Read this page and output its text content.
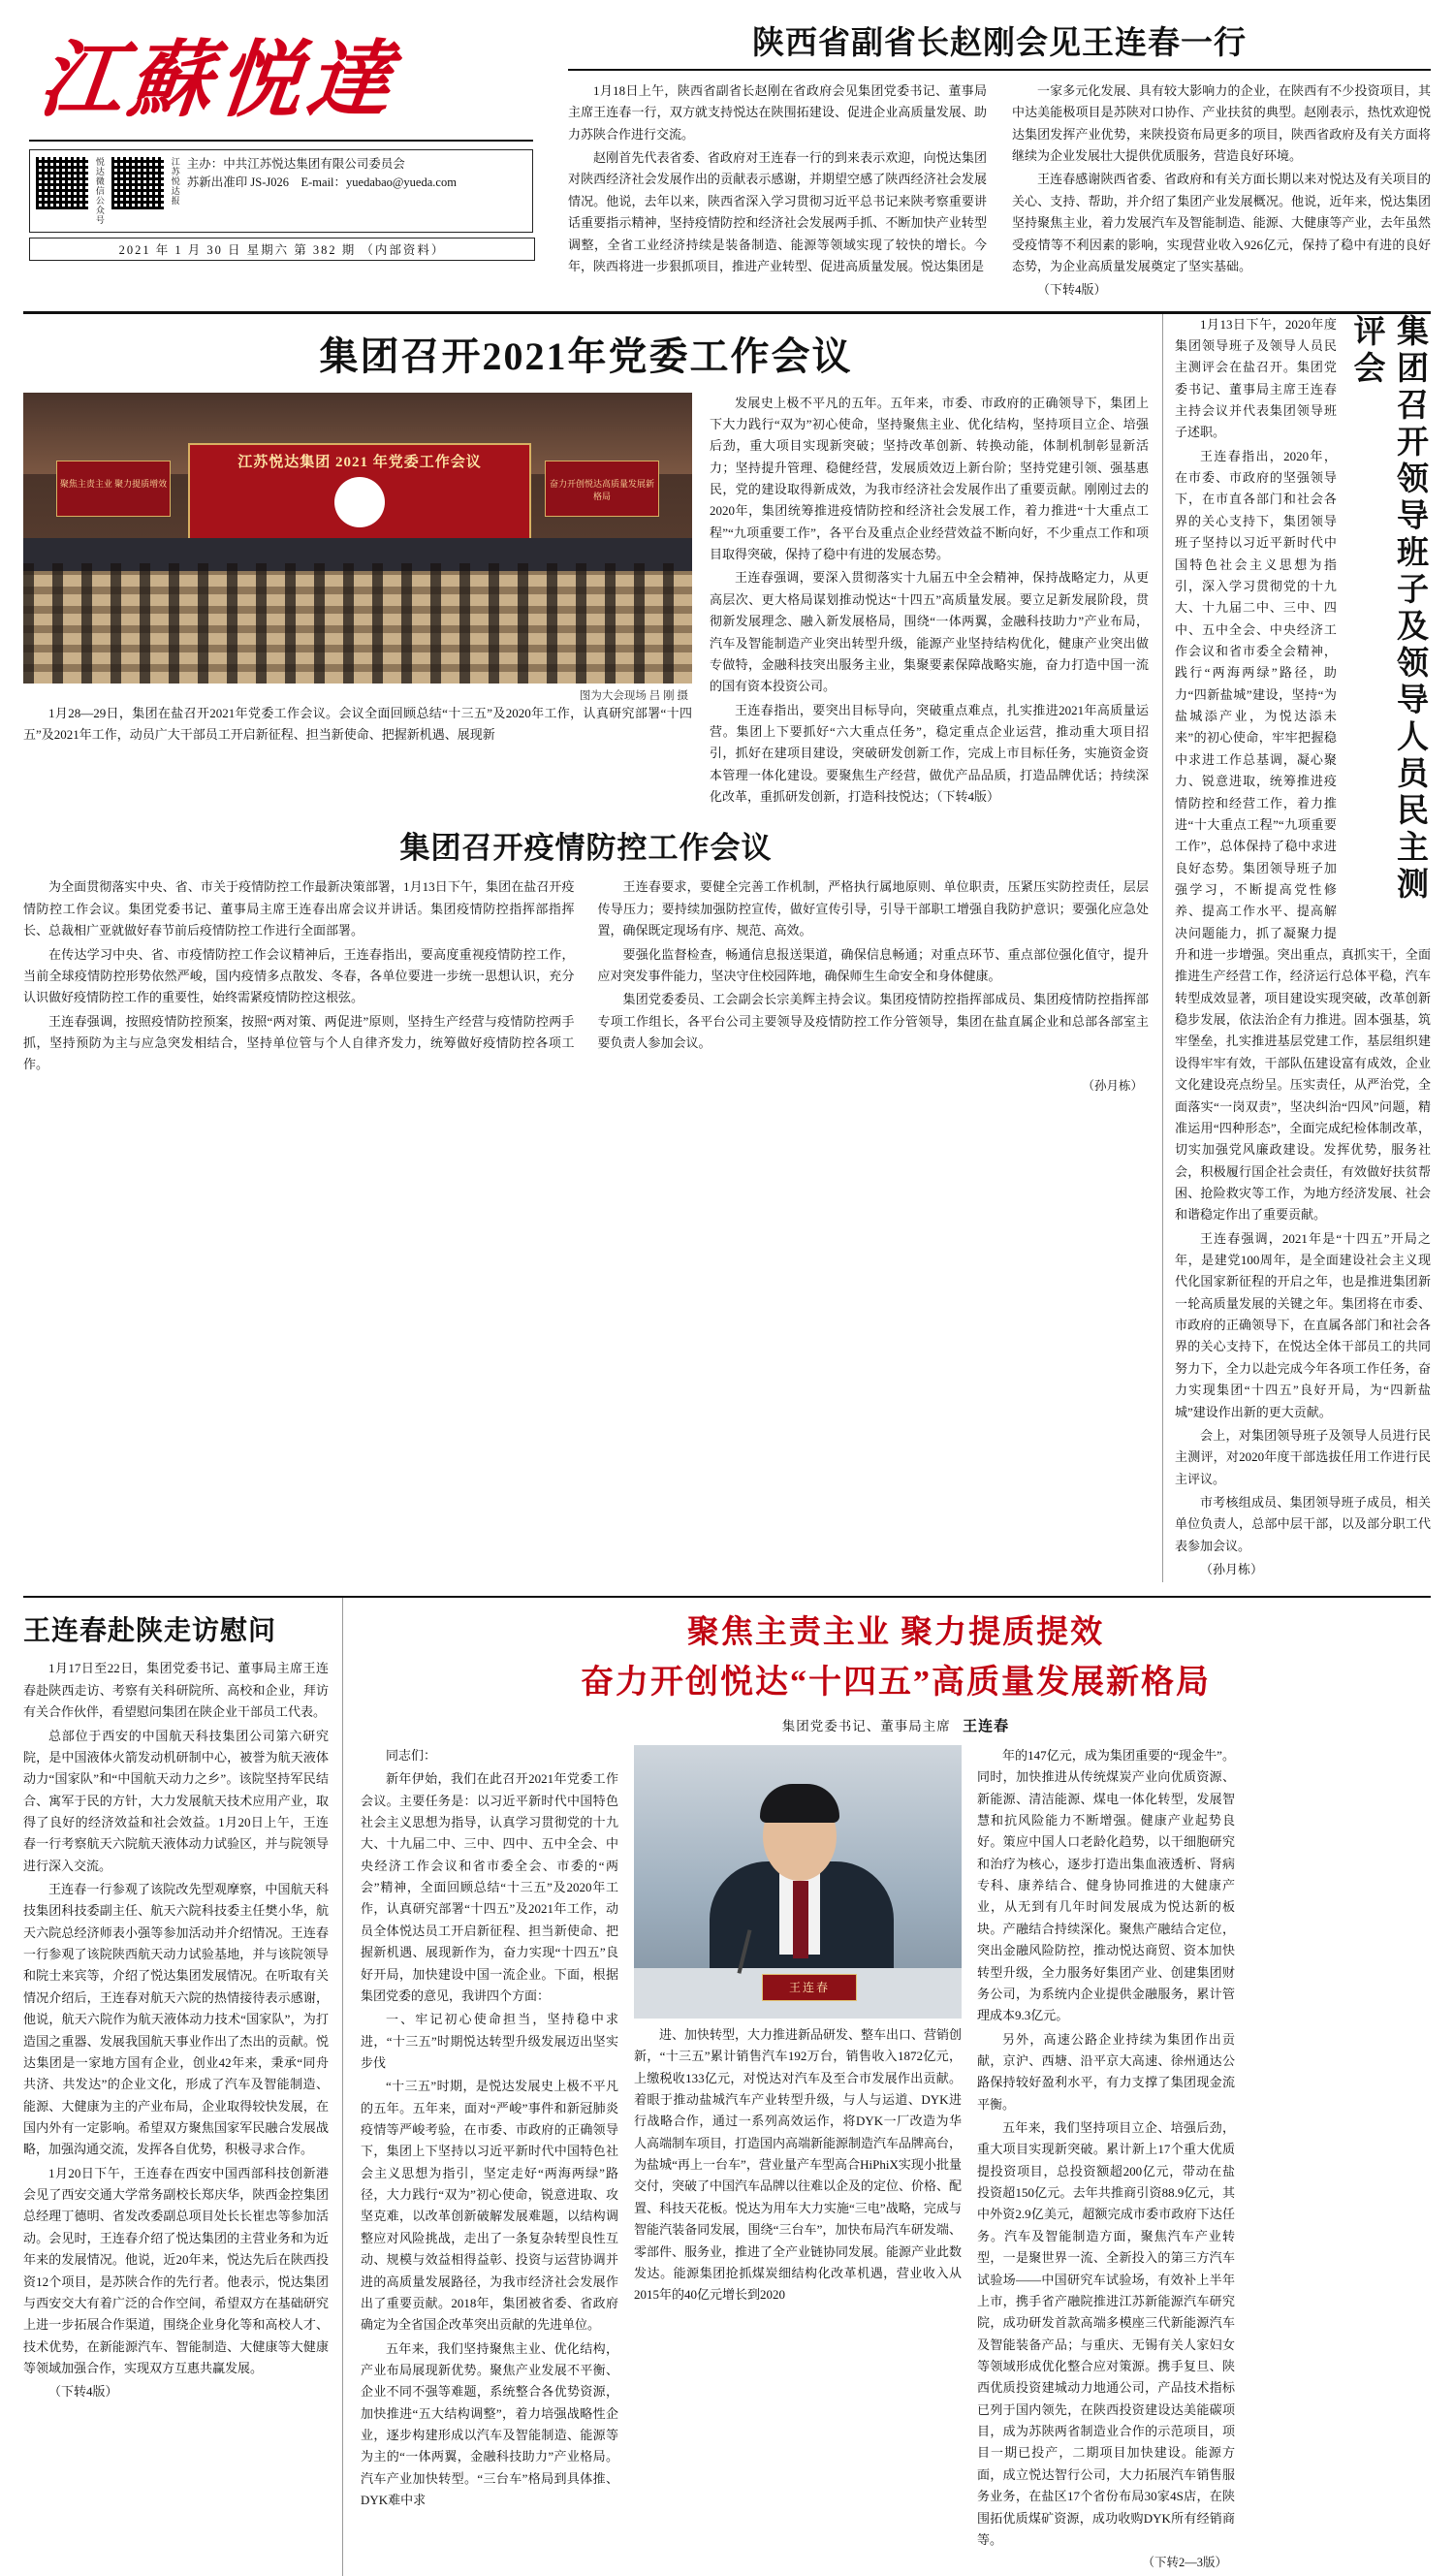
江蘇悦達
悦达微信公众号	江苏悦达报 主办：中共江苏悦达集团有限公司委员会
苏新出准印 JS-J026 E-mail：yuedabao@yueda.com
2021 年 1 月 30 日 星期六 第 382 期 （内部资料）
陕西省副省长赵刚会见王连春一行

1月18日上午，陕西省副省长赵刚在省政府会见集团党委书记、董事局主席王连春一行，双方就支持悦达在陕围拓建设、促进企业高质量发展、助力苏陕合作进行交流。

赵刚首先代表省委、省政府对王连春一行的到来表示欢迎，向悦达集团对陕西经济社会发展作出的贡献表示感谢，并期望空感了陕西经济社会发展情况。他说，去年以来，陕西省深入学习贯彻习近平总书记来陕考察重要讲话重要指示精神，坚持疫情防控和经济社会发展两手抓、不断加快产业转型调整，全省工业经济持续是装备制造、能源等领域实现了较快的增长。今年，陕西将进一步狠抓项目，推进产业转型、促进高质量发展。悦达集团是

一家多元化发展、具有较大影响力的企业，在陕西有不少投资项目，其中达美能极项目是苏陕对口协作、产业扶贫的典型。赵刚表示，热忱欢迎悦达集团发挥产业优势，来陕投资布局更多的项目，陕西省政府及有关方面将继续为企业发展壮大提供优质服务，营造良好环境。

王连春感谢陕西省委、省政府和有关方面长期以来对悦达及有关项目的关心、支持、帮助，并介绍了集团产业发展概况。他说，近年来，悦达集团坚持聚焦主业，着力发展汽车及智能制造、能源、大健康等产业，去年虽然受疫情等不利因素的影响，实现营业收入926亿元，保持了稳中有进的良好态势，为企业高质量发展奠定了坚实基础。

（下转4版）

集团召开2021年党委工作会议
聚焦主责主业 聚力提质增效	奋力开创悦达高质量发展新格局
江苏悦达集团 2021 年党委工作会议
图为大会现场 吕 刚 摄

1月28—29日，集团在盐召开2021年党委工作会议。会议全面回顾总结“十三五”及2020年工作，认真研究部署“十四五”及2021年工作，动员广大干部员工开启新征程、担当新使命、把握新机遇、展现新

发展史上极不平凡的五年。五年来，市委、市政府的正确领导下，集团上下大力践行“双为”初心使命，坚持聚焦主业、优化结构，坚持项目立企、培强后劲，重大项目实现新突破；坚持改革创新、转换动能，体制机制彰显新活力；坚持提升管理、稳健经营，发展质效迈上新台阶；坚持党建引领、强基惠民，党的建设取得新成效，为我市经济社会发展作出了重要贡献。刚刚过去的2020年，集团统筹推进疫情防控和经济社会发展工作，着力推进“十大重点工程”“九项重要工作”，各平台及重点企业经营效益不断向好，不少重点工作和项目取得突破，保持了稳中有进的发展态势。

王连春强调，要深入贯彻落实十九届五中全会精神，保持战略定力，从更高层次、更大格局谋划推动悦达“十四五”高质量发展。要立足新发展阶段，贯彻新发展理念、融入新发展格局，围绕“一体两翼，金融科技助力”产业布局，汽车及智能制造产业突出转型升级，能源产业坚持结构优化，健康产业突出做专做特，金融科技突出服务主业，集聚要素保障战略实施，奋力打造中国一流的国有资本投资公司。

王连春指出，要突出目标导向，突破重点难点，扎实推进2021年高质量运营。集团上下要抓好“六大重点任务”，稳定重点企业运营，推动重大项目招引，抓好在建项目建设，突破研发创新工作，完成上市目标任务，实施资金资本管理一体化建设。要聚焦生产经营，做优产品品质，打造品牌优话；持续深化改革，重抓研发创新，打造科技悦达；（下转4版）

集团召开疫情防控工作会议

为全面贯彻落实中央、省、市关于疫情防控工作最新决策部署，1月13日下午，集团在盐召开疫情防控工作会议。集团党委书记、董事局主席王连春出席会议并讲话。集团疫情防控指挥部指挥长、总裁相广亚就做好春节前后疫情防控工作进行全面部署。

在传达学习中央、省、市疫情防控工作会议精神后，王连春指出，要高度重视疫情防控工作，当前全球疫情防控形势依然严峻，国内疫情多点散发、冬春，各单位要进一步统一思想认识，充分认识做好疫情防控工作的重要性，始终需紧疫情防控这根弦。

王连春强调，按照疫情防控预案，按照“两对策、两促进”原则，坚持生产经营与疫情防控两手抓，坚持预防为主与应急突发相结合，坚持单位管与个人自律齐发力，统筹做好疫情防控各项工作。

王连春要求，要健全完善工作机制，严格执行属地原则、单位职责，压紧压实防控责任，层层传导压力；要持续加强防控宣传，做好宣传引导，引导干部职工增强自我防护意识；要强化应急处置，确保既定现场有序、规范、高效。

要强化监督检查，畅通信息报送渠道，确保信息畅通；对重点环节、重点部位强化值守，提升应对突发事件能力，坚决守住校园阵地，确保师生生命安全和身体健康。

集团党委委员、工会副会长宗美辉主持会议。集团疫情防控指挥部成员、集团疫情防控指挥部专项工作组长，各平台公司主要领导及疫情防控工作分管领导，集团在盐直属企业和总部各部室主要负责人参加会议。

（孙月栋）
集团召开领导班子及领导人员民主测评会

1月13日下午，2020年度集团领导班子及领导人员民主测评会在盐召开。集团党委书记、董事局主席王连春主持会议并代表集团领导班子述职。

王连春指出，2020年，在市委、市政府的坚强领导下，在市直各部门和社会各界的关心支持下，集团领导班子坚持以习近平新时代中国特色社会主义思想为指引，深入学习贯彻党的十九大、十九届二中、三中、四中、五中全会、中央经济工作会议和省市委全会精神，践行“两海两绿”路径，助力“四新盐城”建设，坚持“为盐城添产业，为悦达添未来”的初心使命，牢牢把握稳中求进工作总基调，凝心聚力、锐意进取，统筹推进疫情防控和经营工作，着力推进“十大重点工程”“九项重要工作”，总体保持了稳中求进良好态势。集团领导班子加强学习，不断提高党性修养、提高工作水平、提高解决问题能力，抓了凝聚力提升和进一步增强。突出重点，真抓实干，全面推进生产经营工作，经济运行总体平稳，汽车转型成效显著，项目建设实现突破，改革创新稳步发展，依法治企有力推进。固本强基，筑牢堡垒，扎实推进基层党建工作，基层组织建设得牢牢有效，干部队伍建设富有成效，企业文化建设亮点纷呈。压实责任，从严治党，全面落实“一岗双责”，坚决纠治“四风”问题，精准运用“四种形态”，全面完成纪检体制改革，切实加强党风廉政建设。发挥优势，服务社会，积极履行国企社会责任，有效做好扶贫帮困、抢险救灾等工作，为地方经济发展、社会和谐稳定作出了重要贡献。

王连春强调，2021年是“十四五”开局之年，是建党100周年，是全面建设社会主义现代化国家新征程的开启之年，也是推进集团新一轮高质量发展的关键之年。集团将在市委、市政府的正确领导下，在直属各部门和社会各界的关心支持下，在悦达全体干部员工的共同努力下，全力以赴完成今年各项工作任务，奋力实现集团“十四五”良好开局，为“四新盐城”建设作出新的更大贡献。

会上，对集团领导班子及领导人员进行民主测评，对2020年度干部选拔任用工作进行民主评议。

市考核组成员、集团领导班子成员，相关单位负责人，总部中层干部，以及部分职工代表参加会议。

（孙月栋）

王连春赴陕走访慰问

1月17日至22日，集团党委书记、董事局主席王连春赴陕西走访、考察有关科研院所、高校和企业，拜访有关合作伙伴，看望慰问集团在陕企业干部员工代表。

总部位于西安的中国航天科技集团公司第六研究院，是中国液体火箭发动机研制中心，被誉为航天液体动力“国家队”和“中国航天动力之乡”。该院坚持军民结合、寓军于民的方针，大力发展航天技术应用产业，取得了良好的经济效益和社会效益。1月20日上午，王连春一行考察航天六院航天液体动力试验区，并与院领导进行深入交流。

王连春一行参观了该院改先型观摩察，中国航天科技集团科技委副主任、航天六院科技委主任樊小华，航天六院总经济师表小强等参加活动并介绍情况。王连春一行参观了该院陕西航天动力试验基地，并与该院领导和院士来宾等，介绍了悦达集团发展情况。在听取有关情况介绍后，王连春对航天六院的热情接待表示感谢，他说，航天六院作为航天液体动力技术“国家队”，为打造国之重器、发展我国航天事业作出了杰出的贡献。悦达集团是一家地方国有企业，创业42年来，秉承“同舟共济、共发达”的企业文化，形成了汽车及智能制造、能源、大健康为主的产业布局，企业取得较快发展，在国内外有一定影响。希望双方聚焦国家军民融合发展战略，加强沟通交流，发挥各自优势，积极寻求合作。

1月20日下午，王连春在西安中国西部科技创新港会见了西安交通大学常务副校长郑庆华，陕西金控集团总经理丁德明、省发改委副总项目处长长崔忠等参加活动。会见时，王连春介绍了悦达集团的主营业务和为近年来的发展情况。他说，近20年来，悦达先后在陕西投资12个项目，是苏陕合作的先行者。他表示，悦达集团与西安交大有着广泛的合作空间，希望双方在基础研究上进一步拓展合作渠道，围绕企业身化等和高校人才、技术优势，在新能源汽车、智能制造、大健康等大健康等领域加强合作，实现双方互惠共赢发展。

（下转4版）

聚焦主责主业 聚力提质提效
奋力开创悦达“十四五”高质量发展新格局
集团党委书记、董事局主席 王连春

同志们：

新年伊始，我们在此召开2021年党委工作会议。主要任务是：以习近平新时代中国特色社会主义思想为指导，认真学习贯彻党的十九大、十九届二中、三中、四中、五中全会、中央经济工作会议和省市委全会、市委的“两会”精神，全面回顾总结“十三五”及2020年工作，认真研究部署“十四五”及2021年工作，动员全体悦达员工开启新征程、担当新使命、把握新机遇、展现新作为，奋力实现“十四五”良好开局，加快建设中国一流企业。下面，根据集团党委的意见，我讲四个方面：

一、牢记初心使命担当，坚持稳中求进，“十三五”时期悦达转型升级发展迈出坚实步伐

“十三五”时期，是悦达发展史上极不平凡的五年。五年来，面对“严峻”事件和新冠肺炎疫情等严峻考验，在市委、市政府的正确领导下，集团上下坚持以习近平新时代中国特色社会主义思想为指引，坚定走好“两海两绿”路径，大力践行“双为”初心使命，锐意进取、攻坚克难，以改革创新破解发展难题，以结构调整应对风险挑战，走出了一条复杂转型良性互动、规模与效益相得益彰、投资与运营协调并进的高质量发展路径，为我市经济社会发展作出了重要贡献。2018年，集团被省委、省政府确定为全省国企改革突出贡献的先进单位。

五年来，我们坚持聚焦主业、优化结构，产业布局展现新优势。聚焦产业发展不平衡、企业不同不强等难题，系统整合各优势资源，加快推进“五大结构调整”，着力培强战略性企业，逐步构建形成以汽车及智能制造、能源等为主的“一体两翼，金融科技助力”产业格局。汽车产业加快转型。“三台车”格局到具体推、DYK难中求

王连春

进、加快转型，大力推进新品研发、整车出口、营销创新，“十三五”累计销售汽车192万台，销售收入1872亿元，上缴税收133亿元，对悦达对汽车及至合市发展作出贡献。着眼于推动盐城汽车产业转型升级，与人与运道、DYK进行战略合作，通过一系列高效运作，将DYK一厂改造为华人高端制车项目，打造国内高端新能源制造汽车品牌高台，为盐城“再上一台车”，营业量产车型高合HiPhiX实现小批量交付，突破了中国汽车品牌以往难以企及的定位、价格、配置、科技天花板。悦达为用车大力实施“三电”战略，完成与智能汽装备同发展，围绕“三台车”，加快布局汽车研发端、零部件、服务业，推进了全产业链协同发展。能源产业此数发达。能源集团抢抓煤炭细结构化改革机遇，营业收入从2015年的40亿元增长到2020

年的147亿元，成为集团重要的“现金牛”。同时，加快推进从传统煤炭产业向优质资源、新能源、清洁能源、煤电一体化转型，发展智慧和抗风险能力不断增强。健康产业起势良好。策应中国人口老龄化趋势，以干细胞研究和治疗为核心，逐步打造出集血液透析、肾病专科、康养结合、健身协同推进的大健康产业，从无到有几年时间发展成为悦达新的板块。产融结合持续深化。聚焦产融结合定位，突出金融风险防控，推动悦达商贸、资本加快转型升级，全力服务好集团产业、创建集团财务公司，为系统内企业提供金融服务，累计管理成本9.3亿元。

另外，高速公路企业持续为集团作出贡献，京沪、西塘、沿平京大高速、徐州通达公路保持较好盈利水平，有力支撑了集团现金流平衡。

五年来，我们坚持项目立企、培强后劲，重大项目实现新突破。累计新上17个重大优质提投资项目，总投资额超200亿元，带动在盐投资超150亿元。去年共推商引资88.9亿元，其中外资2.9亿美元，超额完成市委市政府下达任务。汽车及智能制造方面，聚焦汽车产业转型，一是聚世界一流、全新投入的第三方汽车试验场——中国研究车试验场，有效补上半年上市，携手省产融院推进江苏新能源汽车研究院，成功研发首款高端多模座三代新能源汽车及智能装备产品；与重庆、无锡有关人家妇女等领域形成优化整合应对策源。携手复旦、陕西优质投资建城动力地通公司，产品技术指标已列于国内领先，在陕西投资建设达美能碳项目，成为苏陕两省制造业合作的示范项目，项目一期已投产，二期项目加快建设。能源方面，成立悦达智行公司，大力拓展汽车销售服务业务，在盐区17个省份布局30家4S店，在陕围拓优质煤矿资源，成功收购DYK所有经销商等。

（下转2—3版）
